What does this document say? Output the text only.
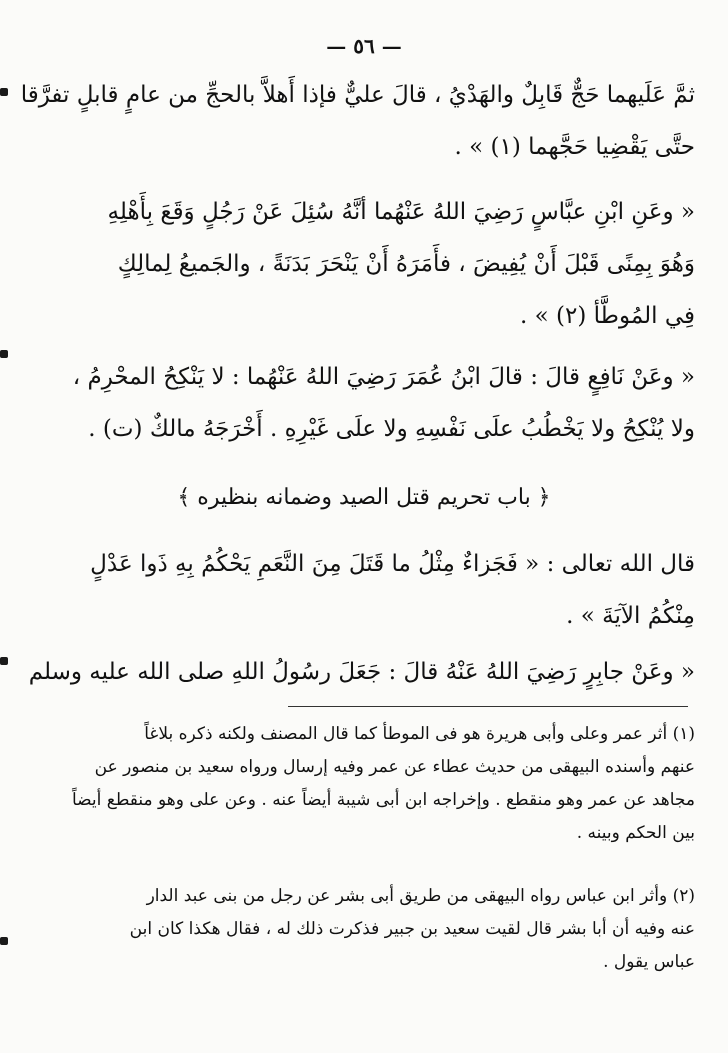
— ٥٦ —
ثمَّ عَلَيهما حَجٌّ قَابِلٌ والهَدْيُ ، قالَ عليٌّ فإذا أَهلاَّ بالحجِّ من عامٍ قابلٍ تفرَّقا
حتَّى يَقْضِيا حَجَّهما (١) » .
« وعَنِ ابْنِ عبَّاسٍ رَضِيَ اللهُ عَنْهُما أنَّهُ سُئِلَ عَنْ رَجُلٍ وَقَعَ بِأَهْلِهِ
وَهُوَ بِمِنًى قَبْلَ أَنْ يُفِيضَ ، فأَمَرَهُ أَنْ يَنْحَرَ بَدَنَةً ، والجَميعُ لِمالِكٍ
فِي المُوطَّأ (٢) » .
« وعَنْ نَافِعٍ قالَ : قالَ ابْنُ عُمَرَ رَضِيَ اللهُ عَنْهُما : لا يَنْكِحُ المحْرِمُ ،
ولا يُنْكِحُ ولا يَخْطُبُ علَى نَفْسِهِ ولا علَى غَيْرِهِ . أَخْرَجَهُ مالكٌ (ت) .
﴿ باب تحريم قتل الصيد وضمانه بنظيره ﴾
قال الله تعالى : « فَجَزاءٌ مِثْلُ ما قَتَلَ مِنَ النَّعَمِ يَحْكُمُ بِهِ ذَوا عَدْلٍ
مِنْكُمُ الآيَةَ » .
« وعَنْ جابِرٍ رَضِيَ اللهُ عَنْهُ قالَ : جَعَلَ رسُولُ اللهِ صلى الله عليه وسلم
(١) أثر عمر وعلى وأبى هريرة هو فى الموطأ كما قال المصنف ولكنه ذكره بلاغاً
عنهم وأسنده البيهقى من حديث عطاء عن عمر وفيه إرسال ورواه سعيد بن منصور عن
مجاهد عن عمر وهو منقطع . وإخراجه ابن أبى شيبة أيضاً عنه . وعن على وهو منقطع أيضاً
بين الحكم وبينه .
(٢) وأثر ابن عباس رواه البيهقى من طريق أبى بشر عن رجل من بنى عبد الدار
عنه وفيه أن أبا بشر قال لقيت سعيد بن جبير فذكرت ذلك له ، فقال هكذا كان ابن
عباس يقول .
